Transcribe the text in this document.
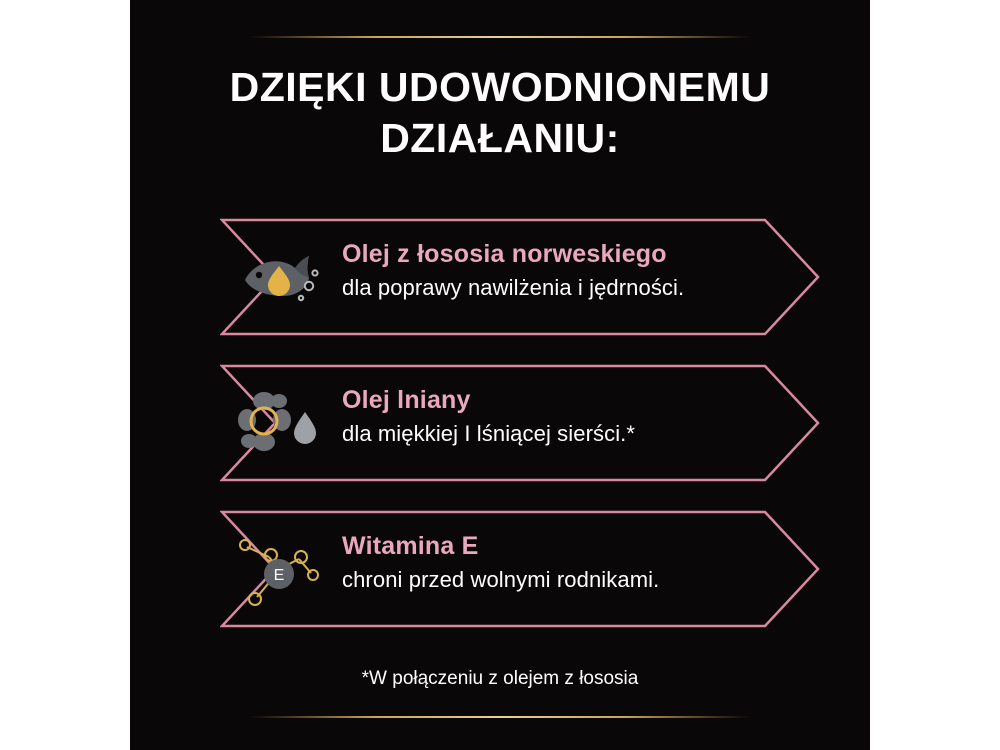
DZIĘKI UDOWODNIONEMU DZIAŁANIU:

Olej z łososia norweskiego

dla poprawy nawilżenia i jędrności.

Olej lniany

dla miękkiej I lśniącej sierści.*

E

Witamina E

chroni przed wolnymi rodnikami.

*W połączeniu z olejem z łososia
